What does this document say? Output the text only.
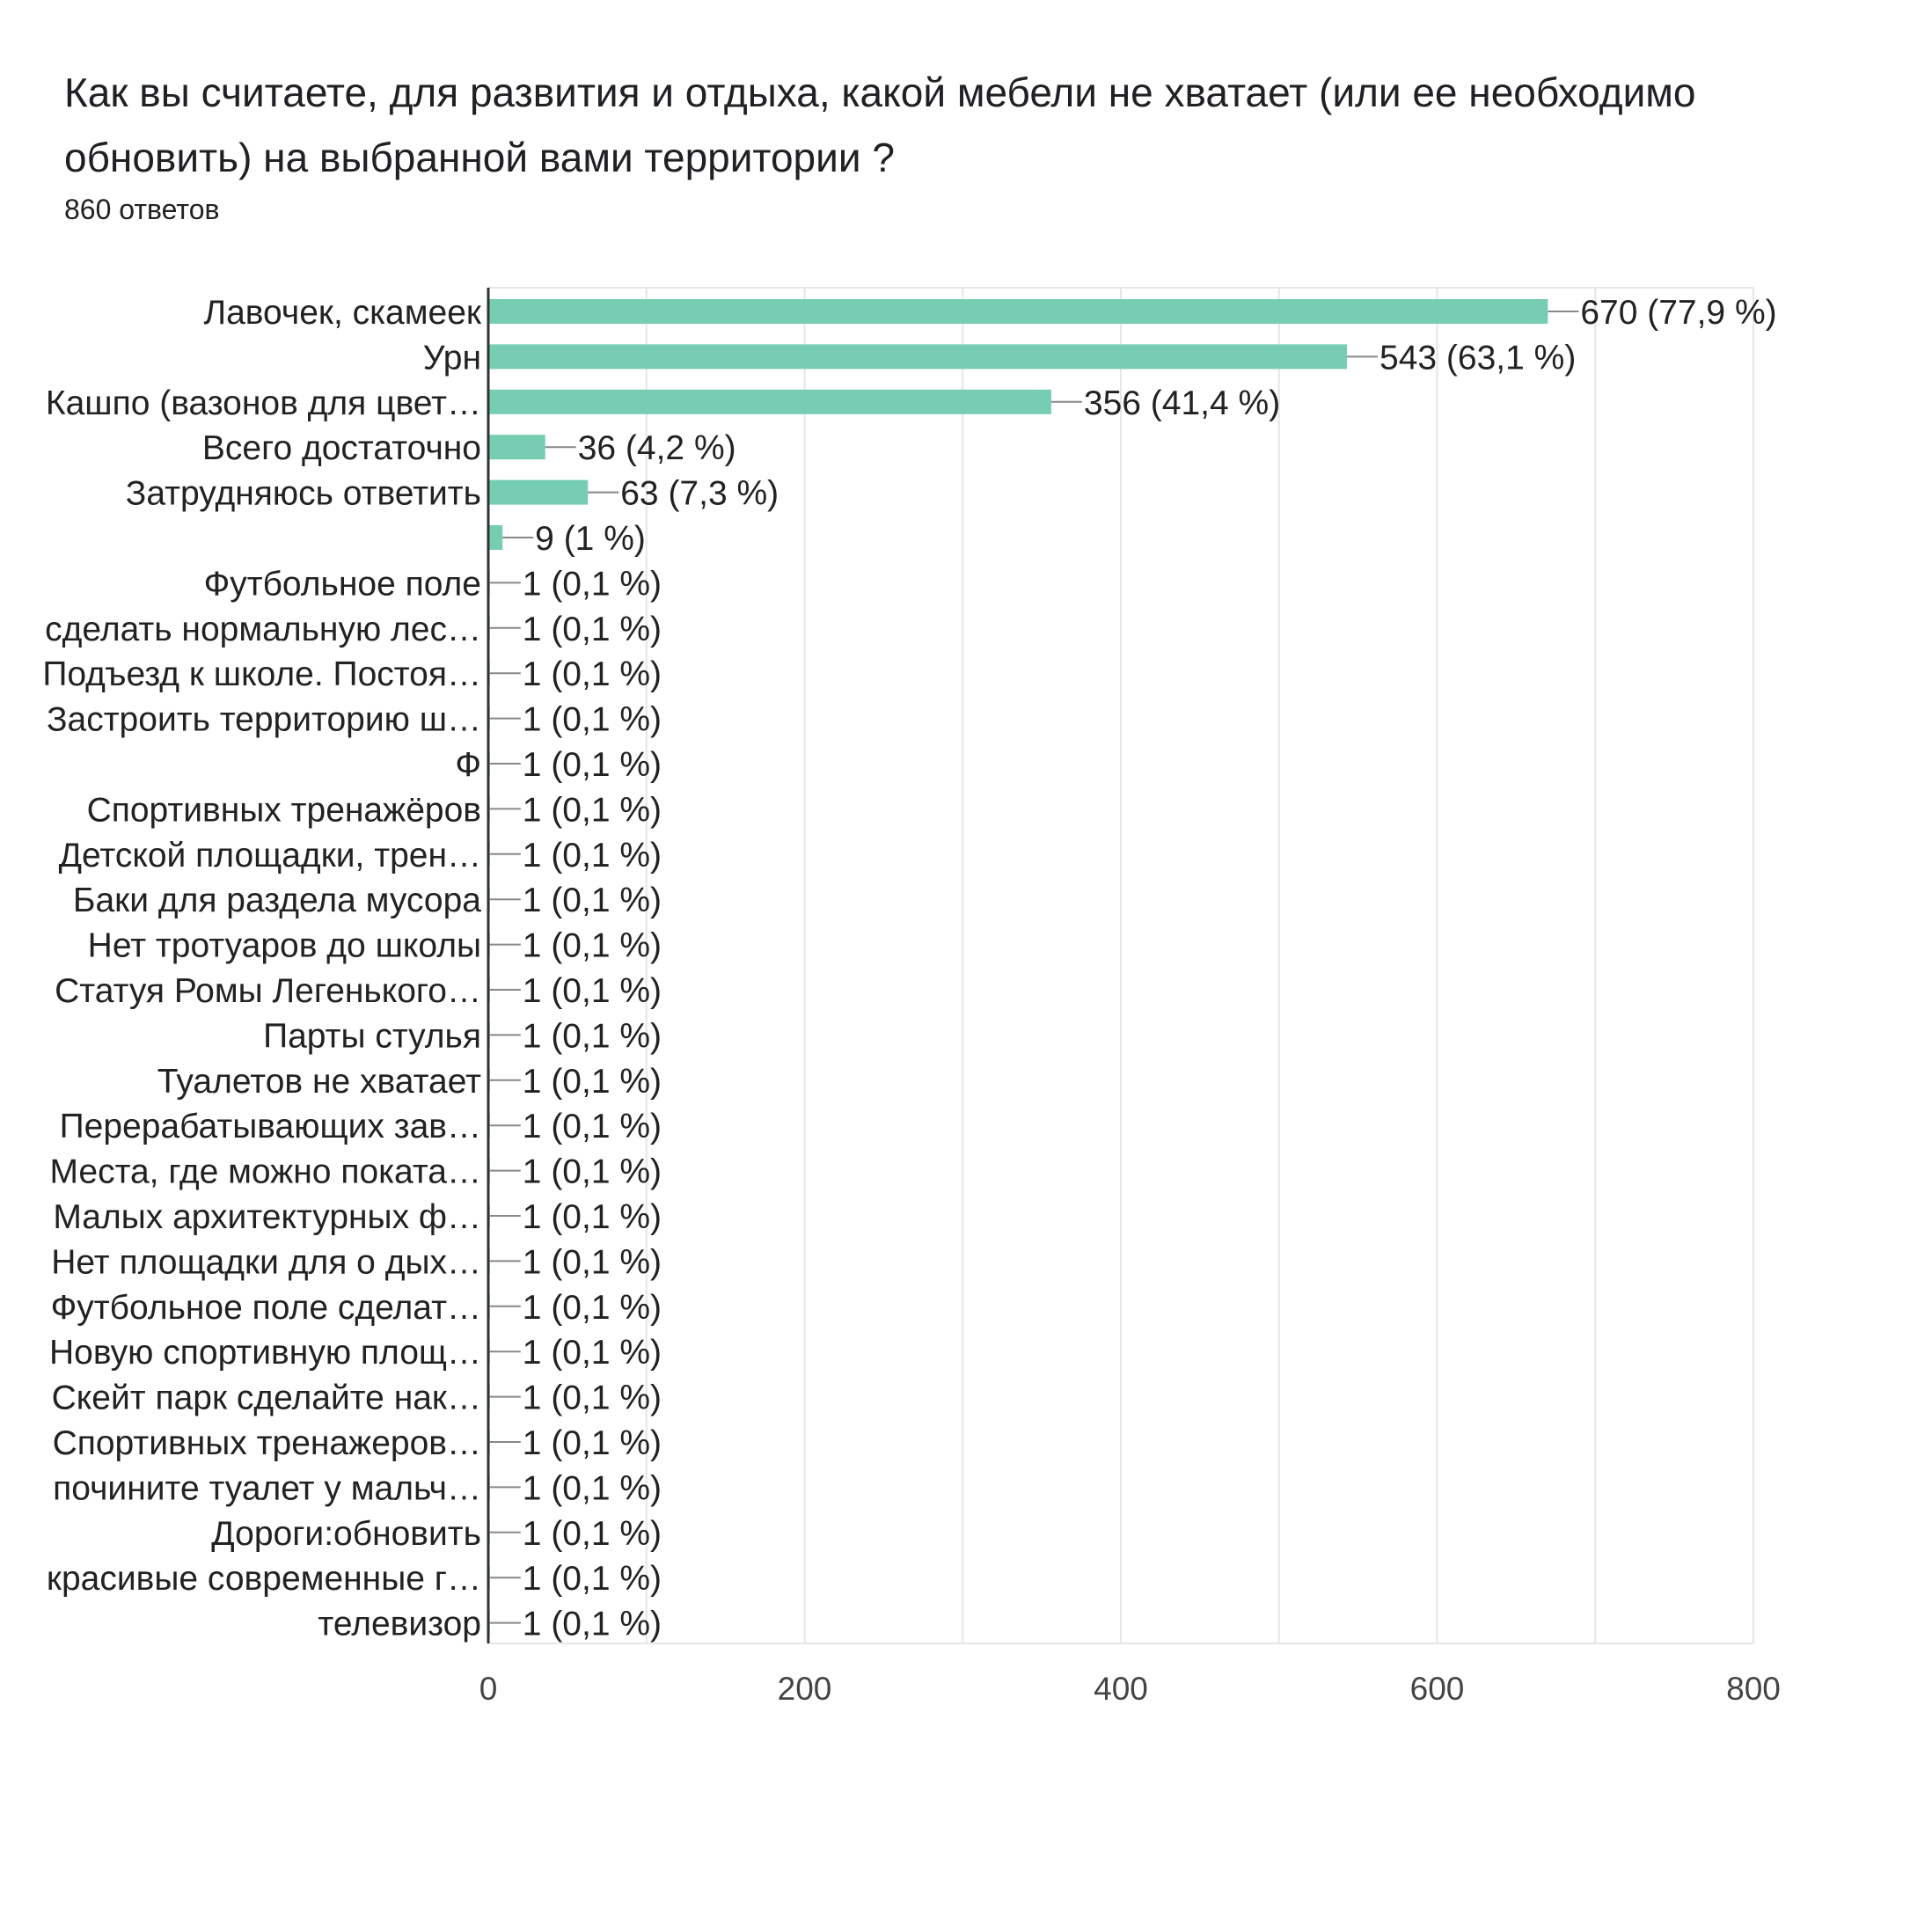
Как вы считаете, для развития и отдыха, какой мебели не хватает (или ее необходимо обновить) на выбранной вами территории ?
860 ответов
670 (77,9 %)
Лавочек, скамеек
543 (63,1 %)
Урн
356 (41,4 %)
Кашпо (вазонов для цвет…
36 (4,2 %)
Всего достаточно
63 (7,3 %)
Затрудняюсь ответить
9 (1 %)
1 (0,1 %)
Футбольное поле
1 (0,1 %)
сделать нормальную лес…
1 (0,1 %)
Подъезд к школе. Постоя…
1 (0,1 %)
Застроить территорию ш…
1 (0,1 %)
Ф
1 (0,1 %)
Спортивных тренажёров
1 (0,1 %)
Детской площадки, трен…
1 (0,1 %)
Баки для раздела мусора
1 (0,1 %)
Нет тротуаров до школы
1 (0,1 %)
Статуя Ромы Легенького…
1 (0,1 %)
Парты стулья
1 (0,1 %)
Туалетов не хватает
1 (0,1 %)
Перерабатывающих зав…
1 (0,1 %)
Места, где можно поката…
1 (0,1 %)
Малых архитектурных ф…
1 (0,1 %)
Нет площадки для о дых…
1 (0,1 %)
Футбольное поле сделат…
1 (0,1 %)
Новую спортивную площ…
1 (0,1 %)
Скейт парк сделайте нак…
1 (0,1 %)
Спортивных тренажеров…
1 (0,1 %)
почините туалет у мальч…
1 (0,1 %)
Дороги:обновить
1 (0,1 %)
красивые современные г…
1 (0,1 %)
телевизор
0	200	400	600	800
